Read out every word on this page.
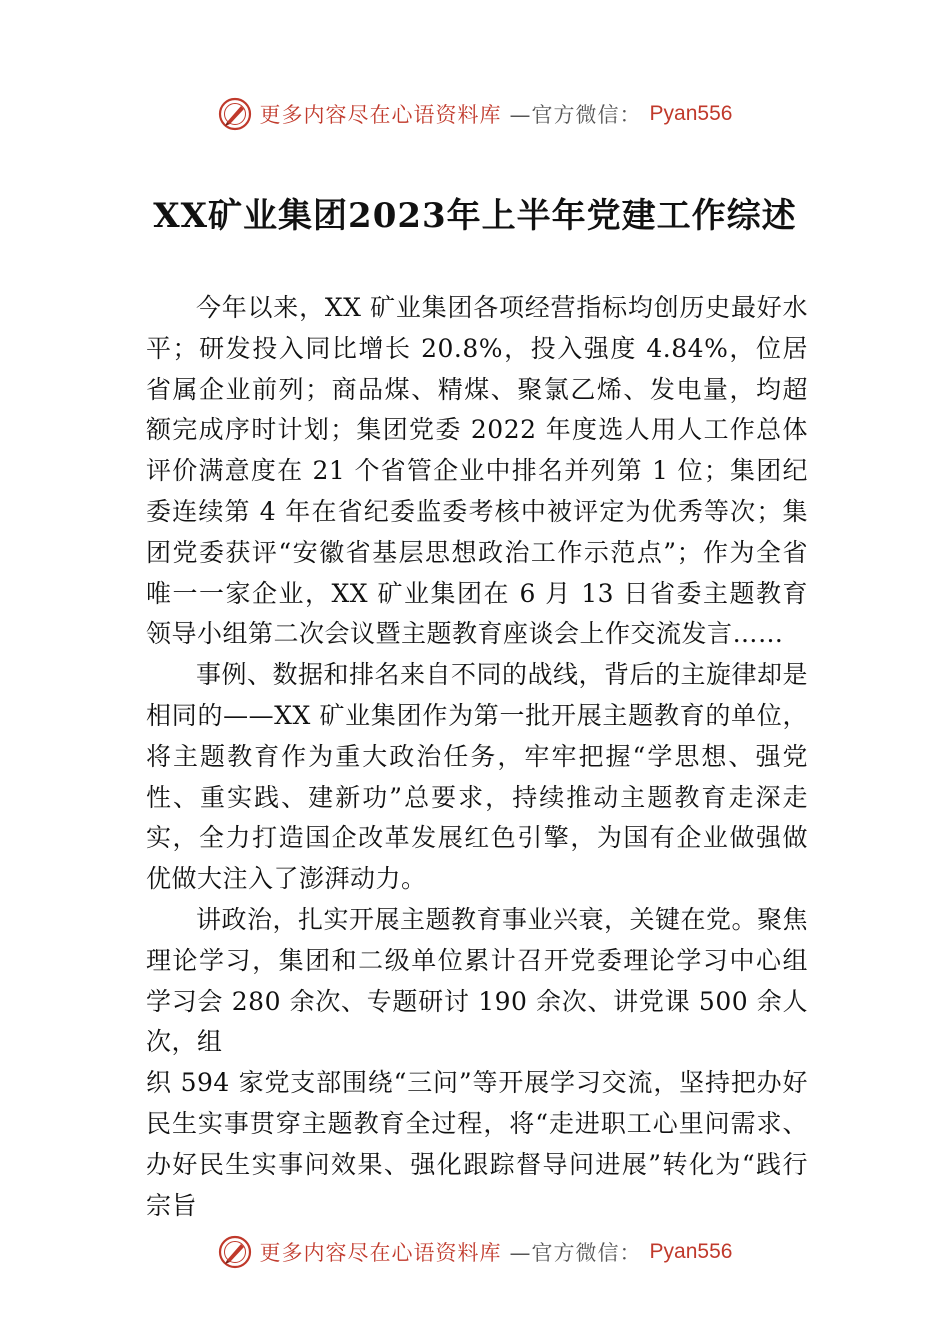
更多内容尽在心语资料库 —官方微信： Pyan556
XX矿业集团2023年上半年党建工作综述

今年以来，XX 矿业集团各项经营指标均创历史最好水平；研发投入同比增长 20.8%，投入强度 4.84%，位居省属企业前列；商品煤、精煤、聚氯乙烯、发电量，均超额完成序时计划；集团党委 2022 年度选人用人工作总体评价满意度在 21 个省管企业中排名并列第 1 位；集团纪委连续第 4 年在省纪委监委考核中被评定为优秀等次；集团党委获评“安徽省基层思想政治工作示范点”；作为全省唯一一家企业，XX 矿业集团在 6 月 13 日省委主题教育领导小组第二次会议暨主题教育座谈会上作交流发言……

事例、数据和排名来自不同的战线，背后的主旋律却是相同的——XX 矿业集团作为第一批开展主题教育的单位，将主题教育作为重大政治任务，牢牢把握“学思想、强党性、重实践、建新功”总要求，持续推动主题教育走深走实，全力打造国企改革发展红色引擎，为国有企业做强做优做大注入了澎湃动力。

讲政治，扎实开展主题教育事业兴衰，关键在党。聚焦理论学习，集团和二级单位累计召开党委理论学习中心组学习会 280 余次、专题研讨 190 余次、讲党课 500 余人次，组

织 594 家党支部围绕“三问”等开展学习交流，坚持把办好民生实事贯穿主题教育全过程，将“走进职工心里问需求、办好民生实事问效果、强化跟踪督导问进展”转化为“践行宗旨

更多内容尽在心语资料库 —官方微信： Pyan556
